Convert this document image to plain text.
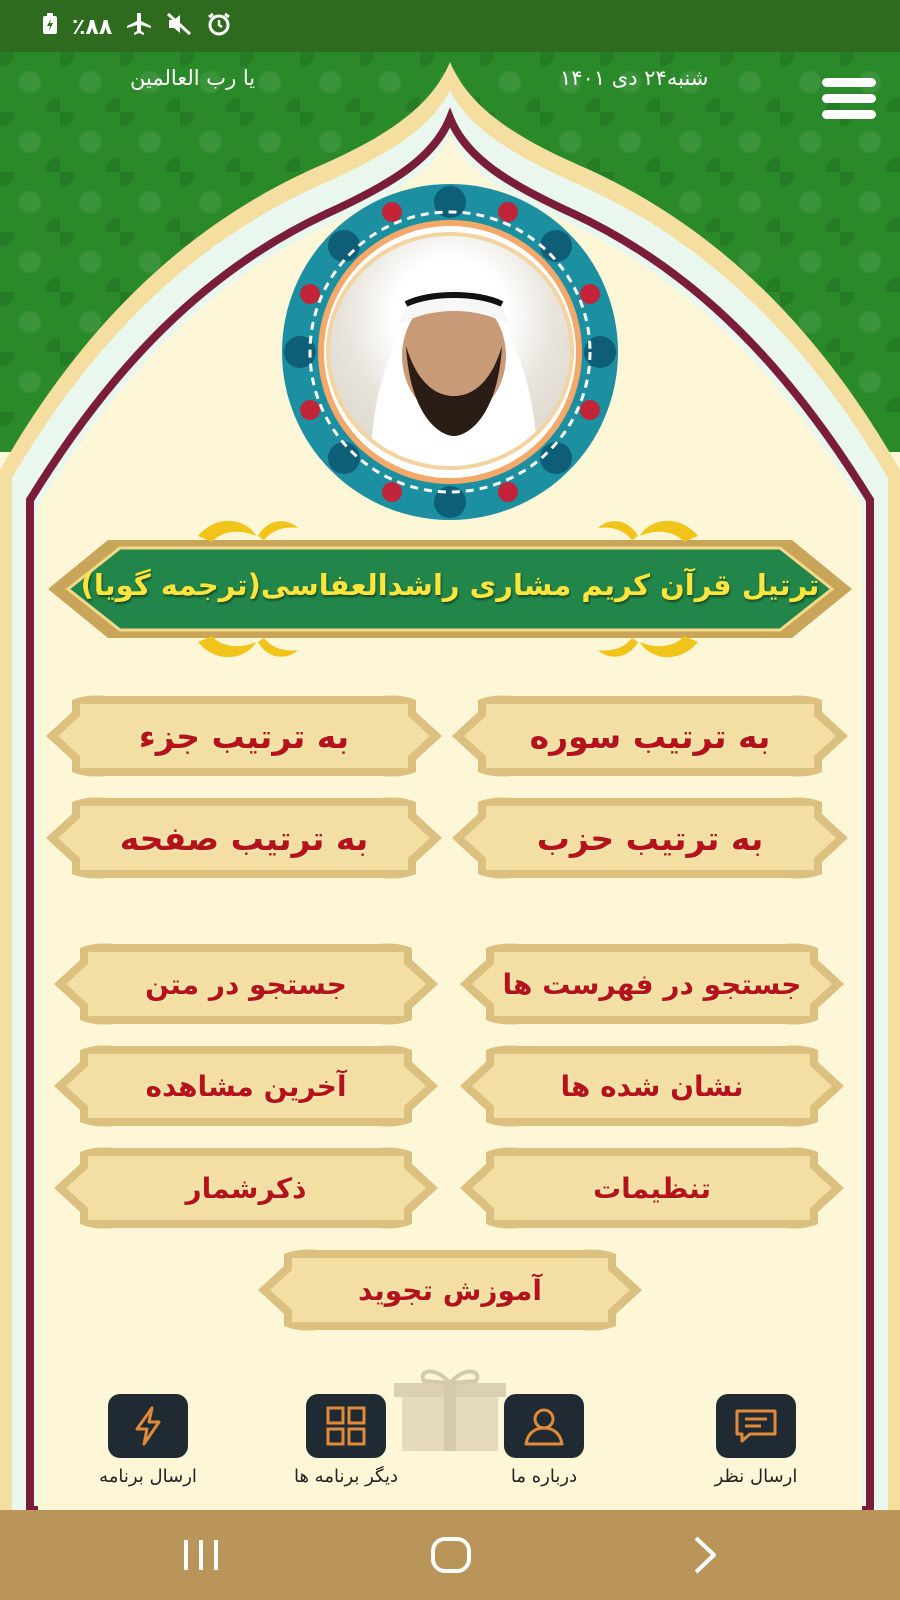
٪۸۸
شنبه۲۴ دی ۱۴۰۱
یا رب العالمین
ترتیل قرآن کریم مشاری راشدالعفاسی(ترجمه گویا)
به ترتیب سوره
به ترتیب جزء
به ترتیب حزب
به ترتیب صفحه
جستجو در فهرست ها
جستجو در متن
نشان شده ها
آخرین مشاهده
تنظیمات
ذکرشمار
آموزش تجوید
ارسال نظر
درباره ما
دیگر برنامه ها
ارسال برنامه
